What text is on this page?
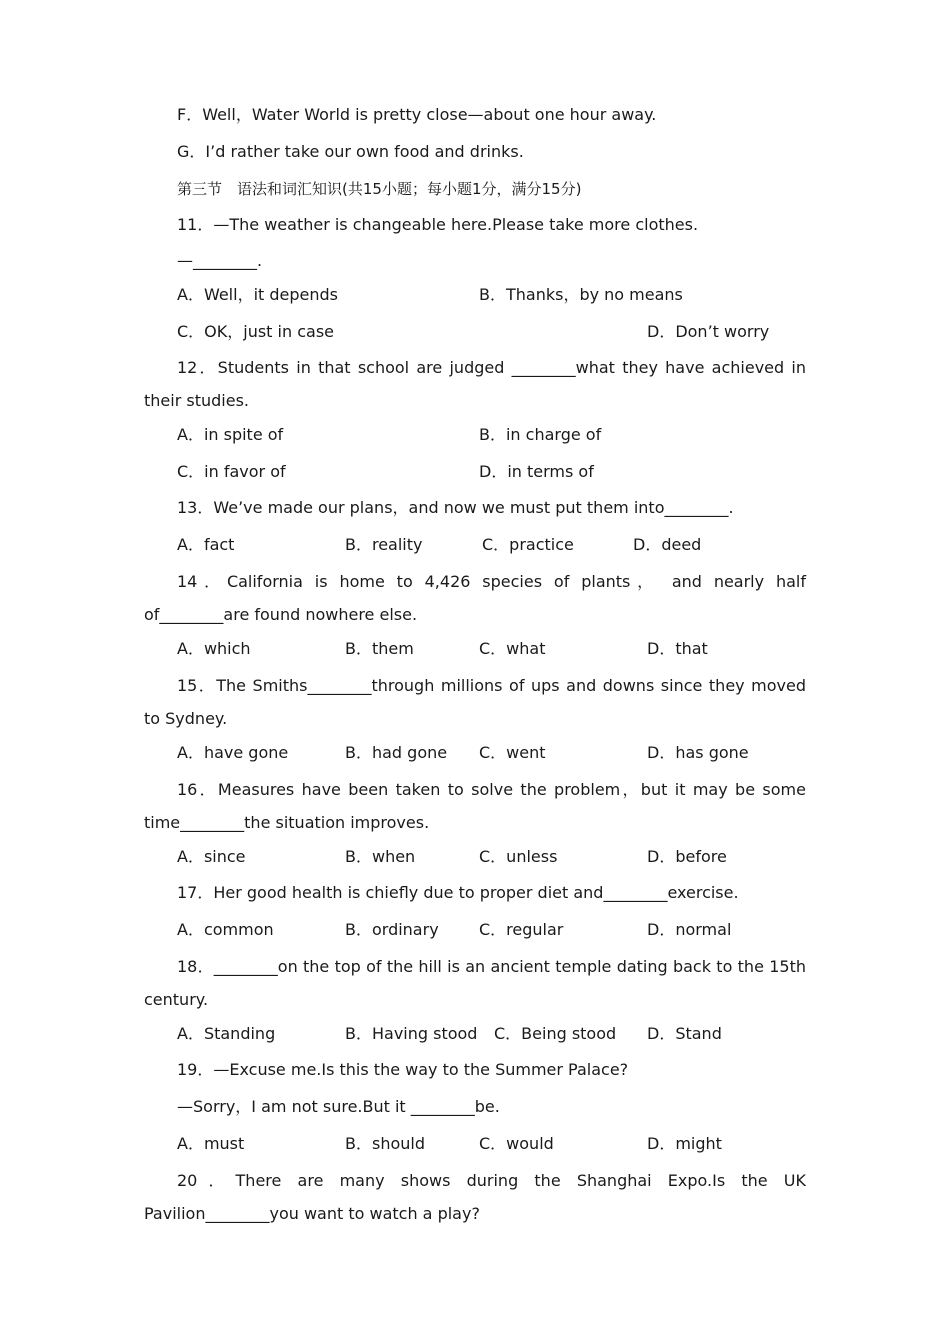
F．Well，Water World is pretty close—about one hour away.
G．I’d rather take our own food and drinks.
第三节　语法和词汇知识(共15小题；每小题1分，满分15分)
11．—The weather is changeable here.Please take more clothes.
—________.
A．Well，it depends	B．Thanks，by no means
C．OK，just in case	D．Don’t worry
12．Students in that school are judged ________what they have achieved in their studies.
A．in spite of	B．in charge of
C．in favor of	D．in terms of
13．We’ve made our plans，and now we must put them into________.
A．fact	B．reality	C．practice	D．deed
14．California is home to 4,426 species of plants， and nearly half of________are found nowhere else.
A．which	B．them	C．what	D．that
15．The Smiths________through millions of ups and downs since they moved to Sydney.
A．have gone	B．had gone C．went	D．has gone
16．Measures have been taken to solve the problem，but it may be some time________the situation improves.
A．since	B．when	C．unless	D．before
17．Her good health is chiefly due to proper diet and________exercise.
A．common	B．ordinary	C．regular	D．normal
18．________on the top of the hill is an ancient temple dating back to the 15th century.
A．Standing	B．Having stood C．Being stood D．Stand
19．—Excuse me.Is this the way to the Summer Palace?
—Sorry，I am not sure.But it ________be.
A．must	B．should	C．would	D．might
20．There are many shows during the Shanghai Expo.Is the UK Pavilion________you want to watch a play?
